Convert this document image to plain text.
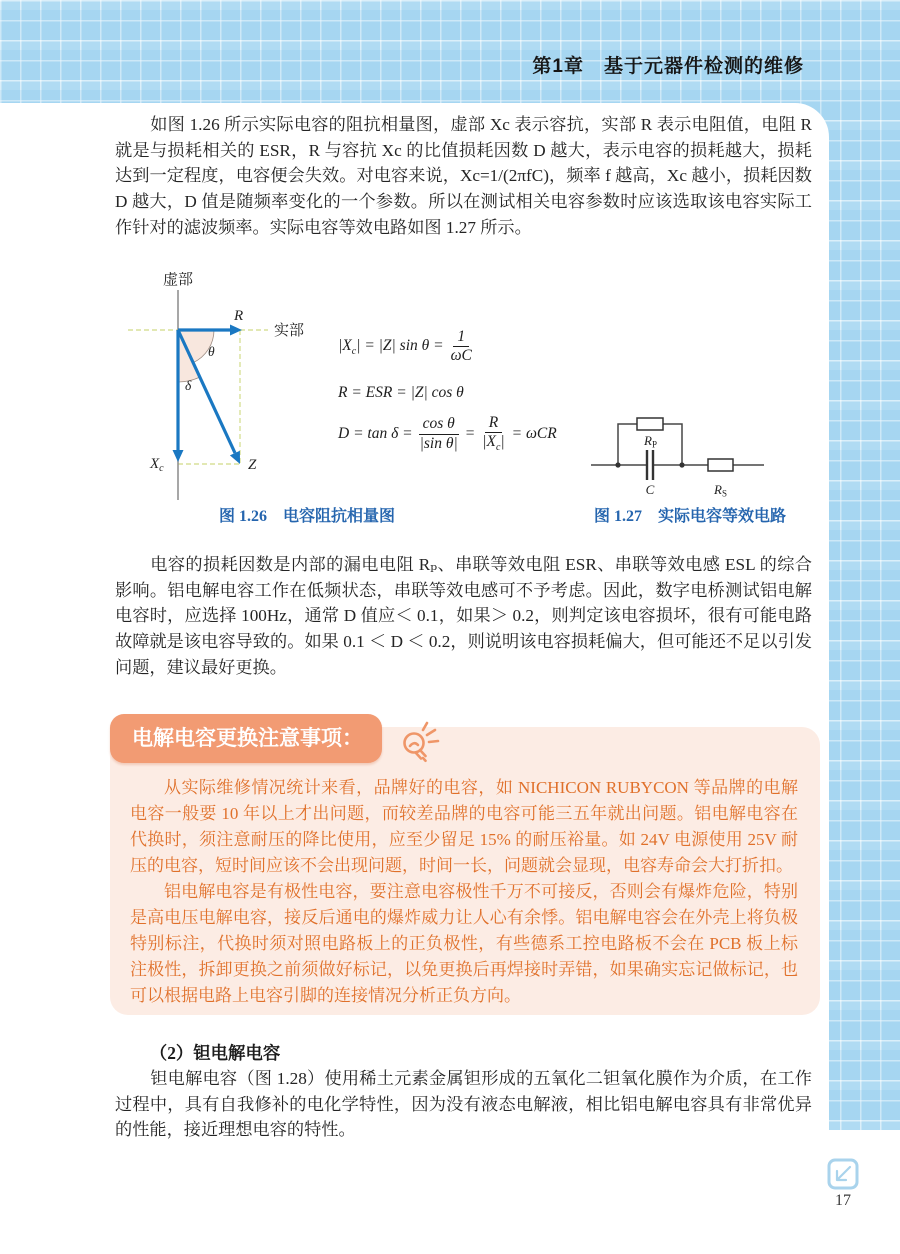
第1章　基于元器件检测的维修

如图 1.26 所示实际电容的阻抗相量图，虚部 Xc 表示容抗，实部 R 表示电阻值，电阻 R 就是与损耗相关的 ESR，R 与容抗 Xc 的比值损耗因数 D 越大，表示电容的损耗越大，损耗达到一定程度，电容便会失效。对电容来说，Xc=1/(2πfC)，频率 f 越高，Xc 越小，损耗因数 D 越大，D 值是随频率变化的一个参数。所以在测试相关电容参数时应该选取该电容实际工作针对的滤波频率。实际电容等效电路如图 1.27 所示。

虚部
实部
R
Z
$X_c$
θ
δ
图 1.26　电容阻抗相量图
$|X_c| = |Z|$ $\sin \theta = \frac{1}{\omega C}$
R = ESR = |Z| cos θ
$D = \tan \delta = \frac{\text{cos θ}}{\text{|sin θ|}} = \frac{R}{|X_c|} = \omega CR$	RP
C	RS
图 1.27　实际电容等效电路

电容的损耗因数是内部的漏电电阻 Rₚ、串联等效电阻 ESR、串联等效电感 ESL 的综合影响。铝电解电容工作在低频状态，串联等效电感可不予考虑。因此，数字电桥测试铝电解电容时，应选择 100Hz，通常 D 值应＜ 0.1，如果＞ 0.2，则判定该电容损坏，很有可能电路故障就是该电容导致的。如果 0.1 ＜ D ＜ 0.2，则说明该电容损耗偏大，但可能还不足以引发问题，建议最好更换。

从实际维修情况统计来看，品牌好的电容，如 NICHICON RUBYCON 等品牌的电解电容一般要 10 年以上才出问题，而较差品牌的电容可能三五年就出问题。铝电解电容在代换时，须注意耐压的降比使用，应至少留足 15% 的耐压裕量。如 24V 电源使用 25V 耐压的电容，短时间应该不会出现问题，时间一长，问题就会显现，电容寿命会大打折扣。

铝电解电容是有极性电容，要注意电容极性千万不可接反，否则会有爆炸危险，特别是高电压电解电容，接反后通电的爆炸威力让人心有余悸。铝电解电容会在外壳上将负极特别标注，代换时须对照电路板上的正负极性，有些德系工控电路板不会在 PCB 板上标注极性，拆卸更换之前须做好标记，以免更换后再焊接时弄错，如果确实忘记做标记，也可以根据电路上电容引脚的连接情况分析正负方向。

电解电容更换注意事项：

（2）钽电解电容

钽电解电容（图 1.28）使用稀土元素金属钽形成的五氧化二钽氧化膜作为介质，在工作过程中，具有自我修补的电化学特性，因为没有液态电解液，相比铝电解电容具有非常优异的性能，接近理想电容的特性。

17
